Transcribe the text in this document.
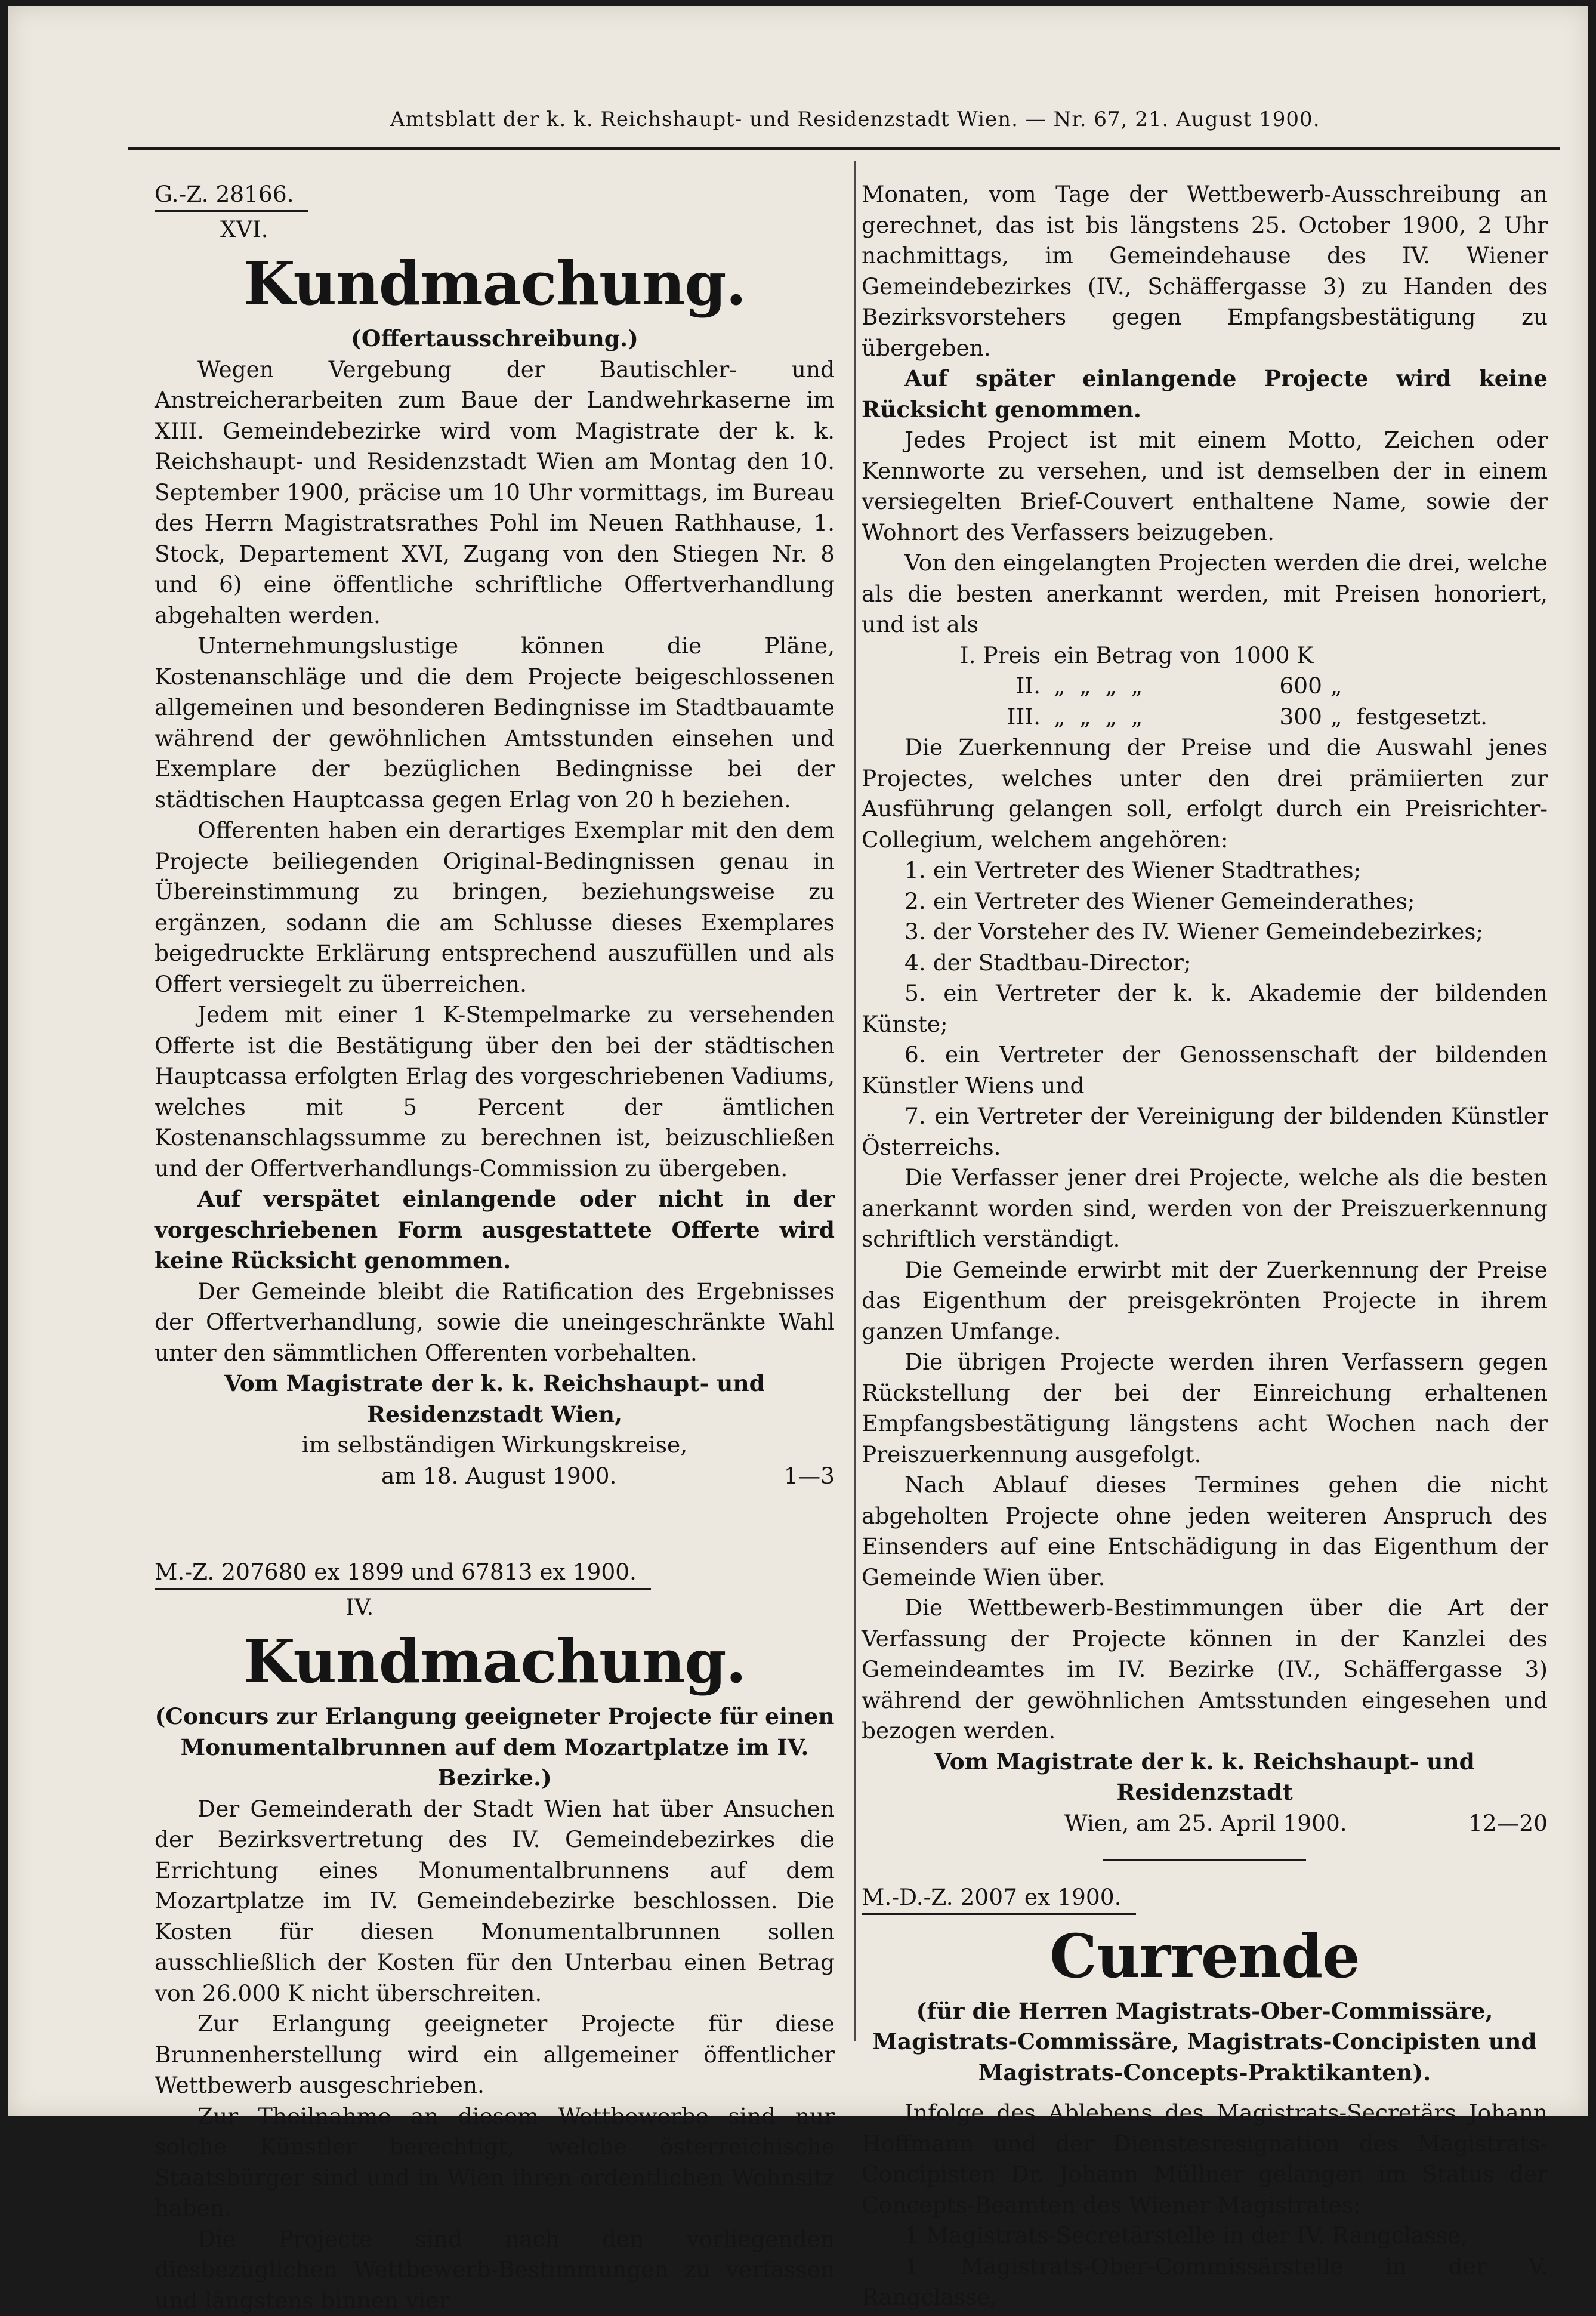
Amtsblatt der k. k. Reichshaupt- und Residenzstadt Wien. — Nr. 67, 21. August 1900.
G.-Z. 28166.

XVI.

Kundmachung.

(Offertausschreibung.)

Wegen Vergebung der Bautischler- und Anstreicherarbeiten zum Baue der Landwehrkaserne im XIII. Gemeindebezirke wird vom Magistrate der k. k. Reichshaupt- und Residenzstadt Wien am Montag den 10. September 1900, präcise um 10 Uhr vormittags, im Bureau des Herrn Magistratsrathes Pohl im Neuen Rathhause, 1. Stock, Departement XVI, Zugang von den Stiegen Nr. 8 und 6) eine öffentliche schriftliche Offertverhandlung abgehalten werden.

Unternehmungslustige können die Pläne, Kostenanschläge und die dem Projecte beigeschlossenen allgemeinen und besonderen Bedingnisse im Stadtbauamte während der gewöhnlichen Amtsstunden einsehen und Exemplare der bezüglichen Bedingnisse bei der städtischen Hauptcassa gegen Erlag von 20 h beziehen.

Offerenten haben ein derartiges Exemplar mit den dem Projecte beiliegenden Original-Bedingnissen genau in Übereinstimmung zu bringen, beziehungsweise zu ergänzen, sodann die am Schlusse dieses Exemplares beigedruckte Erklärung entsprechend auszufüllen und als Offert versiegelt zu überreichen.

Jedem mit einer 1 K-Stempelmarke zu versehenden Offerte ist die Bestätigung über den bei der städtischen Hauptcassa erfolgten Erlag des vorgeschriebenen Vadiums, welches mit 5 Percent der ämtlichen Kostenanschlagssumme zu berechnen ist, beizuschließen und der Offertverhandlungs-Commission zu übergeben.

Auf verspätet einlangende oder nicht in der vorgeschriebenen Form ausgestattete Offerte wird keine Rücksicht genommen.

Der Gemeinde bleibt die Ratification des Ergebnisses der Offertverhandlung, sowie die uneingeschränkte Wahl unter den sämmtlichen Offerenten vorbehalten.

Vom Magistrate der k. k. Reichshaupt- und Residenzstadt Wien,

im selbständigen Wirkungskreise,

am 18. August 1900.	1—3
M.-Z. 207680 ex 1899 und 67813 ex 1900.

IV.

Kundmachung.

(Concurs zur Erlangung geeigneter Projecte für einen Monumentalbrunnen auf dem Mozartplatze im IV. Bezirke.)

Der Gemeinderath der Stadt Wien hat über Ansuchen der Bezirksvertretung des IV. Gemeindebezirkes die Errichtung eines Monumentalbrunnens auf dem Mozartplatze im IV. Gemeindebezirke beschlossen. Die Kosten für diesen Monumentalbrunnen sollen ausschließlich der Kosten für den Unterbau einen Betrag von 26.000 K nicht überschreiten.

Zur Erlangung geeigneter Projecte für diese Brunnenherstellung wird ein allgemeiner öffentlicher Wettbewerb ausgeschrieben.

Zur Theilnahme an diesem Wettbewerbe sind nur solche Künstler berechtigt, welche österreichische Staatsbürger sind und in Wien ihren ordentlichen Wohnsitz haben.

Die Projecte sind nach den vorliegenden diesbezüglichen Wettbewerb-Bestimmungen zu verfassen und längstens binnen vier

Monaten, vom Tage der Wettbewerb-Ausschreibung an gerechnet, das ist bis längstens 25. October 1900, 2 Uhr nachmittags, im Gemeindehause des IV. Wiener Gemeindebezirkes (IV., Schäffergasse 3) zu Handen des Bezirksvorstehers gegen Empfangsbestätigung zu übergeben.

Auf später einlangende Projecte wird keine Rücksicht genommen.

Jedes Project ist mit einem Motto, Zeichen oder Kennworte zu versehen, und ist demselben der in einem versiegelten Brief-Couvert enthaltene Name, sowie der Wohnort des Verfassers beizugeben.

Von den eingelangten Projecten werden die drei, welche als die besten anerkannt werden, mit Preisen honoriert, und ist als

I. Preis ein Betrag von 1000 K
II. „  „  „  „	600 „
III. „  „  „  „	300 „  festgesetzt.

Die Zuerkennung der Preise und die Auswahl jenes Projectes, welches unter den drei prämiierten zur Ausführung gelangen soll, erfolgt durch ein Preisrichter-Collegium, welchem angehören:

1. ein Vertreter des Wiener Stadtrathes;

2. ein Vertreter des Wiener Gemeinderathes;

3. der Vorsteher des IV. Wiener Gemeindebezirkes;

4. der Stadtbau-Director;

5. ein Vertreter der k. k. Akademie der bildenden Künste;

6. ein Vertreter der Genossenschaft der bildenden Künstler Wiens und

7. ein Vertreter der Vereinigung der bildenden Künstler Österreichs.

Die Verfasser jener drei Projecte, welche als die besten anerkannt worden sind, werden von der Preiszuerkennung schriftlich verständigt.

Die Gemeinde erwirbt mit der Zuerkennung der Preise das Eigenthum der preisgekrönten Projecte in ihrem ganzen Umfange.

Die übrigen Projecte werden ihren Verfassern gegen Rückstellung der bei der Einreichung erhaltenen Empfangsbestätigung längstens acht Wochen nach der Preiszuerkennung ausgefolgt.

Nach Ablauf dieses Termines gehen die nicht abgeholten Projecte ohne jeden weiteren Anspruch des Einsenders auf eine Entschädigung in das Eigenthum der Gemeinde Wien über.

Die Wettbewerb-Bestimmungen über die Art der Verfassung der Projecte können in der Kanzlei des Gemeindeamtes im IV. Bezirke (IV., Schäffergasse 3) während der gewöhnlichen Amtsstunden eingesehen und bezogen werden.

Vom Magistrate der k. k. Reichshaupt- und Residenzstadt

Wien, am 25. April 1900.	12—20
M.-D.-Z. 2007 ex 1900.
Currende

(für die Herren Magistrats-Ober-Commissäre, Magistrats-Commissäre, Magistrats-Concipisten und Magistrats-Concepts-Praktikanten).

Infolge des Ablebens des Magistrats-Secretärs Johann Hoffmann und der Dienstesresignation des Magistrats-Concipisten Dr. Johann Müllner gelangen im Status der Concepts-Beamten des Wiener Magistrates:

1 Magistrats-Secretärstelle in der IV. Rangclasse,

1 Magistrats-Ober-Commissärstelle in der V. Rangclasse,
